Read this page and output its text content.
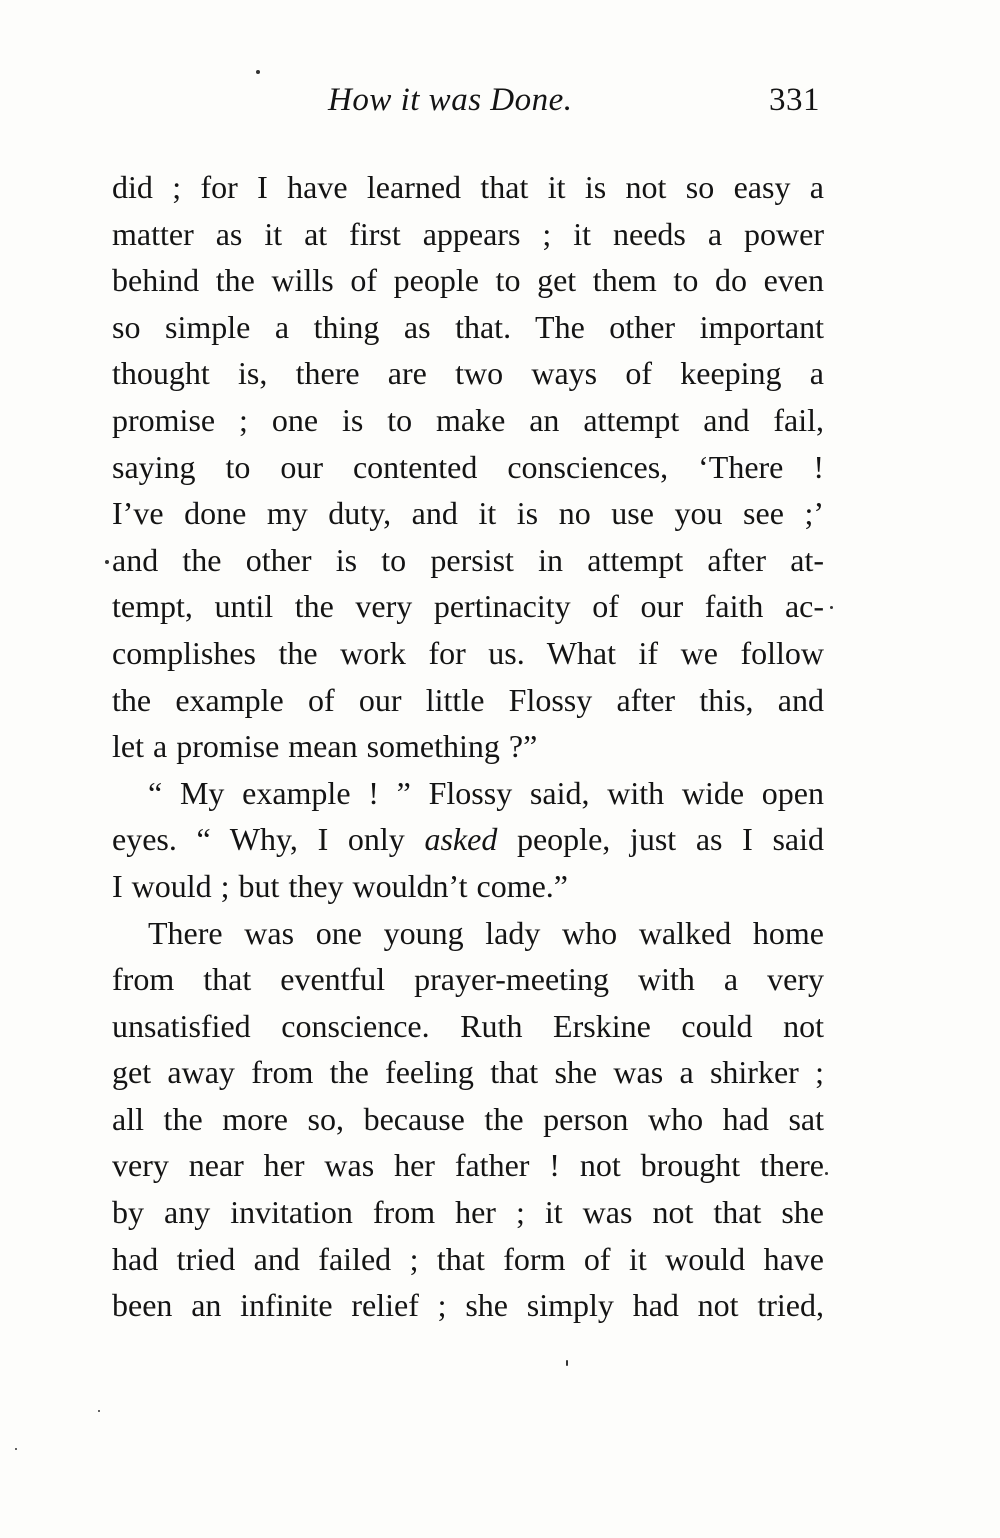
How it was Done.	331
did ; for I have learned that it is not so easy a
matter as it at first appears ; it needs a power
behind the wills of people to get them to do even
so simple a thing as that. The other important
thought is, there are two ways of keeping a
promise ; one is to make an attempt and fail,
saying to our contented consciences, ‘There !
I’ve done my duty, and it is no use you see ;’
and the other is to persist in attempt after at-
tempt, until the very pertinacity of our faith ac-
complishes the work for us. What if we follow
the example of our little Flossy after this, and
let a promise mean something ?”
“ My example ! ” Flossy said, with wide open
eyes. “ Why, I only asked people, just as I said
I would ; but they wouldn’t come.”
There was one young lady who walked home
from that eventful prayer-meeting with a very
unsatisfied conscience. Ruth Erskine could not
get away from the feeling that she was a shirker ;
all the more so, because the person who had sat
very near her was her father ! not brought there
by any invitation from her ; it was not that she
had tried and failed ; that form of it would have
been an infinite relief ; she simply had not tried,
